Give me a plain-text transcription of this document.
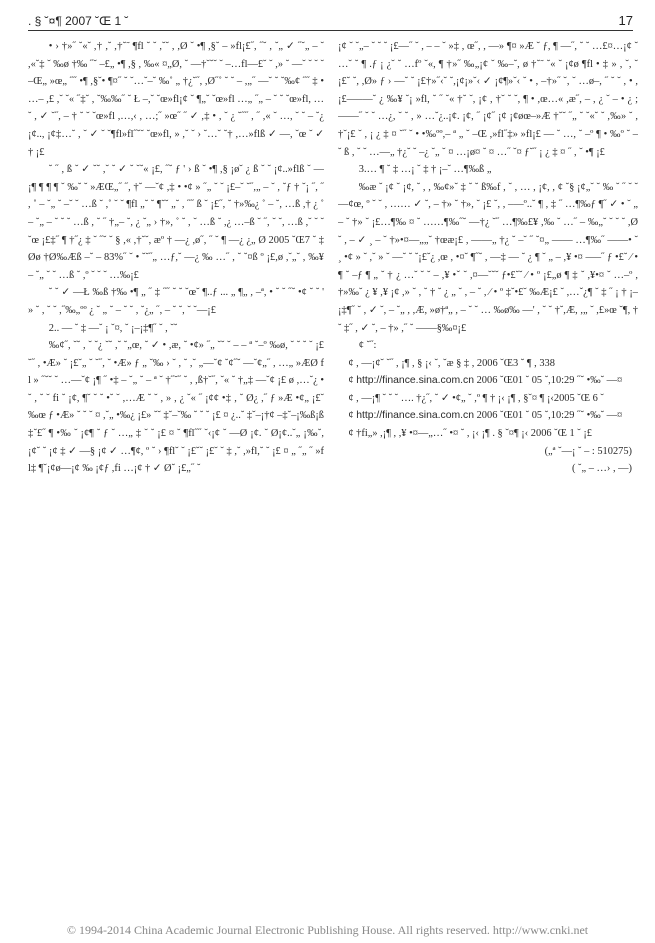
. § ˘¤¶ 2007 ˘Œ 1 ˘	17

• › †»˝ ˘«˘ ,† ,˘ ,†˘˜ ¶fl ˘ ˘ ,˘˘ , ,Ø ˘ •¶ ,§˘ – »fl¡£˝, ˝˘ , ˘„ ✓ ˝˘„ – ˘ ,«˘‡ ˘ ‰ø †‰ ˝˘ –£„ •¶ ,§ , ‰« ¤„Ø, ˘ —†˘˘˘ ˘ –…fl—£˘ ˘ ,» ˘ —˘ ˘ ˘ ˘ –Œ„ »œ„ ˝˝ •¶ ,§˘• ¶¤˝ ˘ ˘…˘–˘ ‰˚ „ †¿˘˝, ,Ø˝˚ ˘ ˘ – ,„˝ —˘ ˘ ˘‰¢ ˝˝ ‡ • …– ,£ ,˘ ˘« ˝‡˘ , ˘‰‰˝ ˘ Ł –,˘ ˘œ»fl¡¢ ˘ ¶„˘ ˘œ»fl …„ ˝„ – ˘ ˘ ˘œ»fl, … ˘ , ✓ ˘˝, – † ˘ ˘ ˘œ»fl ,…,‹ , …;˝ »œ˝ ˝ ✓ ,‡ • , ˘ ¿ ˘˝˝ , ˝ ,« ˘ …, ˘ ˘ – ˘¿ ¡¢.., ¡¢‡…˘ , ˘ ✓ ˘ ˘¶fl»fl˝˘˘ ˘œ»fl, » ,˘ ˘ › ˘…˘ ˘† ,…»flß ✓ —, ˘œ ˘ ✓ † ¡£

˘ ˝ , ß ˘ ✓ ˘˘ ,˘ ˘ ✓ ˘ ˘˘« ¡£, ˝˘ ƒ ' › ß ˘ •¶ ,§ ¡ø˘ ¿ ß ˘ ˘ ¡¢..»flß ˘ —¡¶ ¶ ¶ ¶ ˘ ‰˘ ˘ »ÆŒ„˝ ˝, †˘ —˘¢ ,‡ • •¢ » ˝„ ˘ ˘ ¡£–˘ ˘˝,„ – ˘ , ˘ƒ † ˘¡ ˝, ˝ , ˚ – ˘„ ˘ –˘ ˘ …ß ˘ ,˚ ˘ ˘ ¶fl „˘ ˘ ¶˘˘ „˘ , ˝˝ ß ˘ ¡£˝, ˘ †»‰¿ ˚ – ˘, …ß ,† ¿ ˚ – ˘„ – ˘ ˘ ˘ …ß , ˘ ˝ †„– ˘, ¿ ˘„ › †», ˚ ˘ , ˘ …ß ˘ ,¿ …–ß ˘ ˝, ˘ ˘, …ß ,˘ ˘ ˘ ˘œ ¡£‡˝ ¶ †˝¿ ‡ ˘ ˝˘ ˘ § ,« ,†˘˘, æº † —¿ ,ø˝, ˝ ˘ ¶ —¿ ¿„ Ø 2005 ˘Œ7 ˘ ‡Øø †Ø‰Æß –˘ – 83%˝ ˘ • ˘˘˝„ …ƒ,˘ —¿ ‰ …˝ , ˘ ˘¤ß º ¡£,ø ,˘„˘ , ‰¥ – ˘„ ˘ ˘ …ß ˘ ,º ˘ ˘ ˘ …‰¡£

˘ ˘ ✓ —Ł ‰ß †‰ •¶ „ ˝ ‡ ˝˝ ˘ ˘ ˘œ˘ ¶..ƒ ... „ ¶„ , –ª, • ˘ ˘ ˝˘ •¢ ˘ ˘ ' » ˘ , ˘ ˘ ,˝‰„ºº ¿ ˘ „ ˘ – ˘ ˘ , ˘¿„ ˝, – ˘ ˘, ˘ ˘—¡£

2.. — ˘ ‡ —˘ ¡ ˘¤, ˘ ¡–¡‡¶˝ ˘ , ˘˘

‰¢˝, ˘˘ , ˘ ˘¿ ˘˘ ,˘ ˘„œ, ˘ ✓ • ,æ, ˘ •¢» ˝„ ˘˘ ˘ – – ª ˘–º ‰ø, ˘ ˘ ˘ ˘ ¡£ ˘˝ , •Æ» ˘ ¡£˘„ ˘ ˘˝, ˘ •Æ» ƒ „ ˘‰ › ˘ , ˘ ,˘ „—˘¢ ˘¢˝˘ —˘¢„˝ , …„ »ÆØ fl » ˝˘˘ ˘ …—˘¢ ¡¶ ˝ •‡ – ˘„ ˘ – ª ˘ †˝˘˝ ˘ , ,ß†˘˝, ˘« ˘ †„‡ —˘¢ ¡£ ø ,…˘¿ • ˘ , ˘ ˘ fi ˘ ¡¢, ¶˘ ˘ ˘ •˘ ˘ ,…Æ ˘ ˘ , » , ¿ ˘« ˝ ¡¢¢ •‡ , ˘ Ø¿ ,˝ ƒ »Æ •¢„ ¡£˘ ‰œ ƒ •Æ» ˘ ˘ ˘ ¤ ,˘„ •‰¿ ¡£» ˘˘ ‡˘–˘‰ ˘ ˘ ˘ ¡£ ¤ ¿..˘ ‡˘–¡†¢ –‡˘–¡‰ß¡ß ‡˘£˝ ¶ •‰ ˘ ¡¢¶ ˘ ƒ ˘ …„ ‡ ˘ ˘ ¡£ ¤ ˘ ¶fl˝˝ ˘‹¡¢ ˘ —Ø ¡¢. ˘ Ø¡¢..˘„ ¡‰˘, ¡¢˘ ˘ ¡¢ ‡ ✓ —§ ¡¢ ✓ …¶¢, º ˘ › ¶fl˘ ˘ ¡£˘˘ ¡£˘ ˘ ‡ ,˘ ,»fl,˘ ˘ ¡£ ¤ „ ˝„ ˝ »fl‡ ¶˘¡¢ø—¡¢ ‰ ¡¢ƒ ,fi …¡¢ † ✓ Ø˘ ¡£„˝ ˘

¡¢ ˘ ˘„– ˘ ˘ ˘ ¡£—˝ ˘ , – – ˘ »‡ , œ˝, , —» ¶¤ »Æ ˘ ƒ, ¶ —˝, ˘ ˘ …£¤…¡¢ ˘ …˘ ˘ ¶ .ƒ ¡ ¿˘ ˘ …fº ˘«, ¶ †»˝ ‰„¡¢ ˘ ‰–˘, ø †˘˜ ˘« ˘ ¡¢ø ¶fl • ‡ » , ˘, ˘ ¡£˘ ˘, ,Ø» ƒ › —˘ ˘ ¡£†»˝‹˘ ˘,¡¢¡»˘‹ ✓ ¡¢¶»˘‹ ˘ • , –†»˝ ˘, ˘ …ø–, ˝ ˘ ˘ , • , ¡£—–—˘ ¿ ‰¥ ˘¡ »fl, ˘ ˝ ˘« †˘ ˘, ¡¢ , †˘ ˘ ˘, ¶ • ,œ…« ,æ˝, – , ¿ ˘ – • ¿ ; ——˝ ˘ ˘ …¿, ˘ ˘ , » …˘¿..¡¢. ¡¢, ˝ ¡¢˝ ¡¢ ¡¢øœ–»Æ †˘˘ ˝„ ˘ ˘«˘ ˘ ,‰» ˘ , †˘¡£ ˘ , ¡ ¿ ‡ ¤ ˘˝ ˘ • •‰ºº,– ª „ ˘ –Œ ,»fl˝‡» »fl¡£ — ˘ …, ˘ –º ¶ • ‰º ˘ – ˘ ß , ˘ ˘ …—„ †¿˘ ˘ –¿ ˘„ ˘ ¤ …¡ø¤ ˘ ¤ …˝ ˘¤ ƒ˘˝ ¡ ¿ ‡ ¤ ˝ , ˘ •¶ ¡£

3.… ¶ ˘ ‡ …¡ ˘ ‡ † ¡–˘ …¶‰ß „

‰æ ˘ ¡¢ ˘ ¡¢, ˘ , , ‰¢»˘ ‡ ˘ ˘ ß‰f , ˘ , … , ¡¢, , ¢ ˘§ ¡¢„˘ ˘ ‰ ˘ ˝ ˘ ˘—¢œ, º ˘ ˘ , …… ✓ ˘, – †» ˘ †», ˘ ¡£ ˘, , –—º..˘ ¶ , ‡ ˝ …¶‰ƒ ¶˝ ✓ • ˘ „ – ˘ †» ˘ ¡£…¶‰ ¤ ˘ ……¶‰˝˘ —†¿ ˘˝ …¶‰£¥ ,‰ ˘ …˝ – ‰„˘ ˘ ˘ ˘ ,Ø ˘ , – ✓ ¸ – ˘ †»•¤—„„˘ †œæ¡£ , ——„ †¿ ˘ –˘ ˝ ˘¤„ —— …¶‰˝ ——• ˘ ¸ •¢ » ˘ ,˘ » ˘ —˘ ˘ ˘¡£˘¿ ,œ , •¤˘ ¶˝˘ , —‡ — ˘ ¿ ¶ ˘ „ – ,¥ •¤ —–˝ ƒ •£˘ ⁄ • ¶ ˘ –ƒ ¶ „ ˘ † ¿ …˘ ˘ ˘ – ,¥ •ˇ ˘ ,¤—˘˘˘ ƒ•£˘˘ ⁄ • º ¡£„ø ¶ ‡ ˘ ,¥•¤ ˘ …–º ,†»‰˘ ¿ ¥ ,¥ ¡¢ ,» ˘ , ˘ † ˘ ¿ „ ˘ , – ˘ , ⁄ • º ‡˘•£˘ ‰Æ¡£ ˘ ,…ˇ¿¶ ˘ ‡ ˝ ¡ † ¡–¡‡¶˝ ˘ , ✓ ˘, – ˘„ , ,Æ, »ø†ª„ , – ˘ ˘ … ‰ø‰ —' , ˘ ˘ †˘,Æ, ,„ ˘ ,£»œ ˘¶, † ˘ ‡˝ , ✓ ˘, – †» ,˝ ˘ ——§‰¤¡£

¢ ˘˝:

¢ , —¡¢˘ ˘˝ , ¡¶ , § ¡‹ ˘, ˘æ § ‡ , 2006 ˘Œ3 ˘ ¶ , 338

¢ http://finance.sina.com.cn 2006 ˘Œ01 ˘ 05 ˘,10:29 ˝˘ •‰˘ —¤

¢ , —¡¶ ˘ ˘ ˘ …. †¿˝, ˘ ✓ •¢„ ˘ ,º ¶ † ¡‹ ¡¶ , §˘¤ ¶ ¡‹2005 ˘Œ 6 ˘

¢ http://finance.sina.com.cn 2006 ˘Œ01 ˘ 05 ˘,10:29 ˝˘ •‰˘ —¤

¢ †fi„» ,¡¶ , ,¥ •¤—„…˝ •¤ ˘ , ¡‹ ¡¶ . § ˘¤¶ ¡‹ 2006 ˘Œ 1 ˘ ¡£

(„ª ˘—¡ ˘ – : 510275)

( ˘„ – …› , —)

© 1994-2014 China Academic Journal Electronic Publishing House. All rights reserved. http://www.cnki.net
